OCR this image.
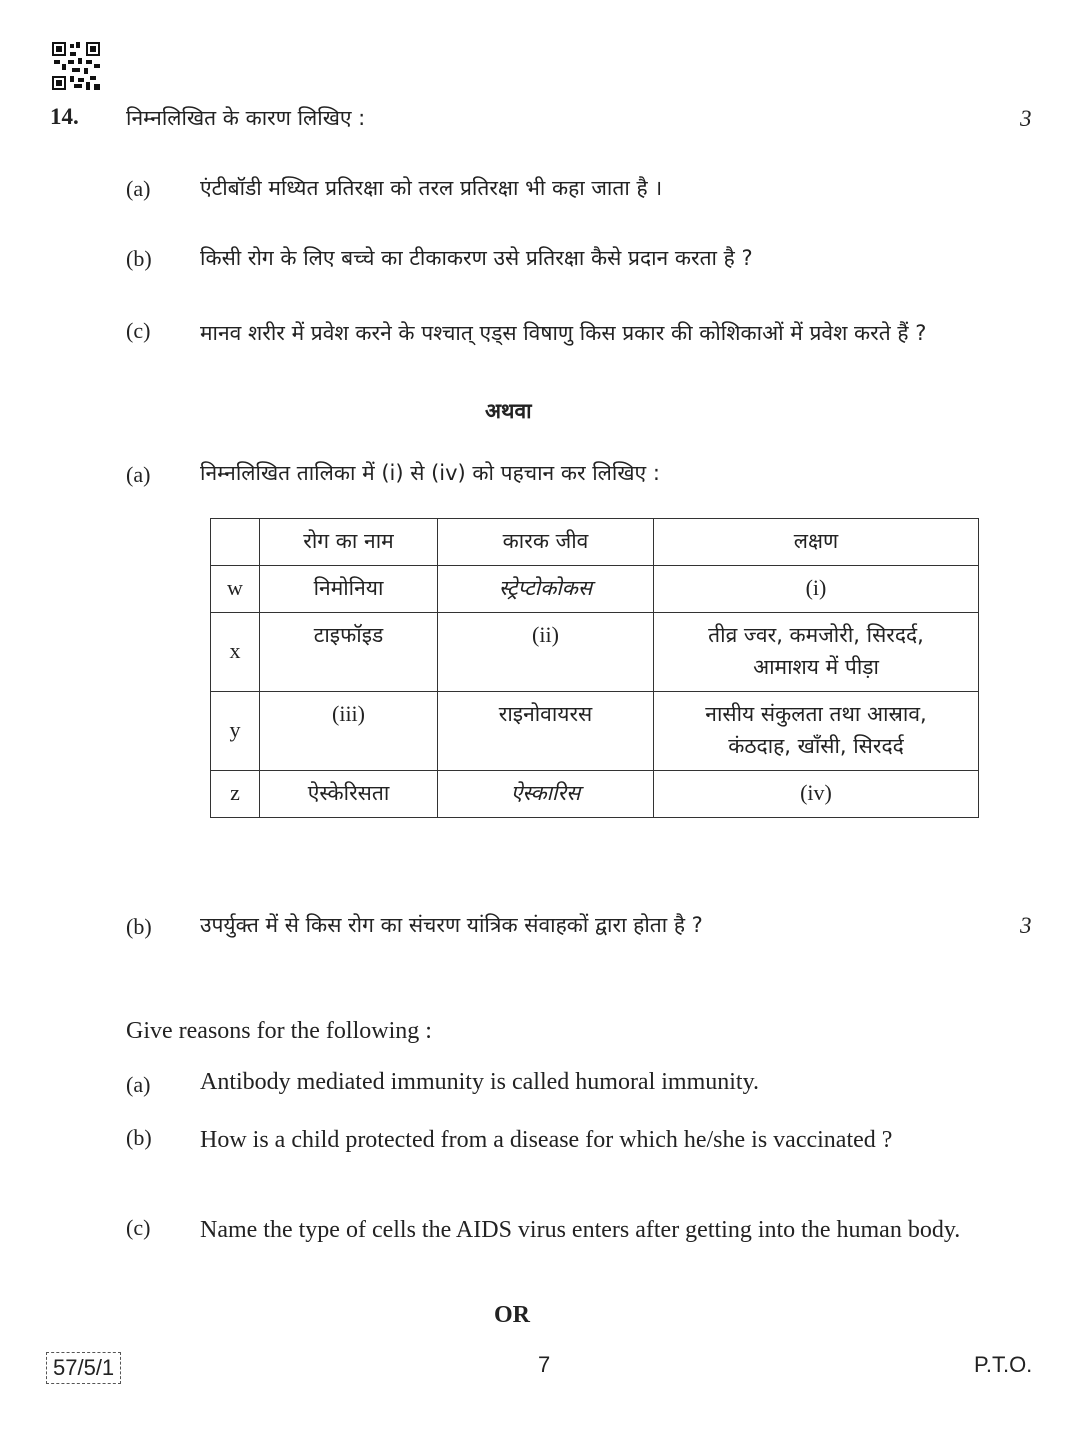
14. निम्नलिखित के कारण लिखिए :	3
(a) एंटीबॉडी मध्यित प्रतिरक्षा को तरल प्रतिरक्षा भी कहा जाता है ।
(b) किसी रोग के लिए बच्चे का टीकाकरण उसे प्रतिरक्षा कैसे प्रदान करता है ?
(c) मानव शरीर में प्रवेश करने के पश्चात् एड्स विषाणु किस प्रकार की कोशिकाओं में प्रवेश करते हैं ?
अथवा
(a) निम्नलिखित तालिका में (i) से (iv) को पहचान कर लिखिए :
	रोग का नाम	कारक जीव	लक्षण
w	निमोनिया	स्ट्रेप्टोकोकस	(i)

x	टाइफॉइड	(ii)	तीव्र ज्वर, कमजोरी, सिरदर्द,
आमाशय में पीड़ा

y	(iii)	राइनोवायरस	नासीय संकुलता तथा आस्राव,
कंठदाह, खाँसी, सिरदर्द

z	ऐस्केरिसता	ऐस्कारिस	(iv)
(b) उपर्युक्त में से किस रोग का संचरण यांत्रिक संवाहकों द्वारा होता है ?	3
Give reasons for the following :
(a) Antibody mediated immunity is called humoral immunity.
(b) How is a child protected from a disease for which he/she is vaccinated ?
(c) Name the type of cells the AIDS virus enters after getting into the human body.
OR
57/5/1	7	P.T.O.
